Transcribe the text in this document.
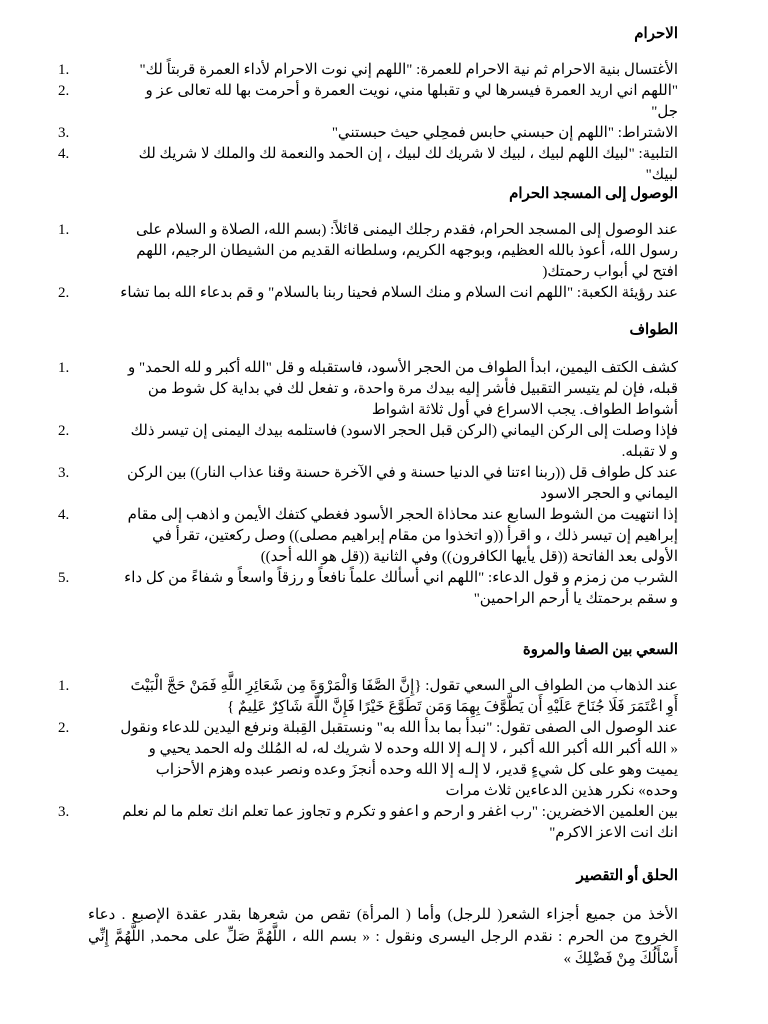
الاحرام
1.	الأغتسال بنية الاحرام ثم نية الاحرام للعمرة: "اللهم إني نوت الاحرام لأداء العمرة قربتاً لك"
2.	"اللهم اني اريد العمرة فيسرها لي و تقبلها مني، نويت العمرة و أحرمت بها لله تعالى عز و جل"
3.	الاشتراط: "اللهم إن حبسني حابس فمحِلي حيث حبستني"
4.	التلبية: "لبيك اللهم لبيك ، لبيك لا شريك لك لبيك ، إن الحمد والنعمة لك والملك لا شريك لك لبيك"
الوصول إلى المسجد الحرام
1.	عند الوصول إلى المسجد الحرام، فقدم رجلك اليمنى قائلاً: (بسم الله، الصلاة و السلام على رسول الله، أعوذ بالله العظيم، وبوجهه الكريم، وسلطانه القديم من الشيطان الرجيم، اللهم افتح لي أبواب رحمتك(
2.	عند رؤيئة الكعبة: "اللهم انت السلام و منك السلام فحينا ربنا بالسلام" و قم بدعاء الله بما تشاء
الطواف
1.	كشف الكتف اليمين، ابدأ الطواف من الحجر الأسود، فاستقبله و قل "الله أكبر و لله الحمد" و قبله، فإن لم يتيسر التقبيل فأشر إليه بيدك مرة واحدة، و تفعل لك في بداية كل شوط من أشواط الطواف. يجب الاسراع في أول ثلاثة اشواط
2.	فإذا وصلت إلى الركن اليماني (الركن قبل الحجر الاسود) فاستلمه بيدك اليمنى إن تيسر ذلك و لا تقبله.
3.	عند كل طواف قل ((ربنا اءتنا في الدنيا حسنة و في الآخرة حسنة وقنا عذاب النار)) بين الركن اليماني و الحجر الاسود
4.	إذا انتهيت من الشوط السابع عند محاذاة الحجر الأسود فغطي كتفك الأيمن و اذهب إلى مقام إبراهيم إن تيسر ذلك ، و اقرأ ((و اتخذوا من مقام إبراهيم مصلى)) وصل ركعتين، تقرأ في الأولى بعد الفاتحة ((قل يأيها الكافرون)) وفي الثانية ((قل هو الله أحد))
5.	الشرب من زمزم و قول الدعاء: "اللهم اني أسألك علماً نافعاً و رزقاً واسعاً و شفاءً من كل داء و سقم برحمتك يا أرحم الراحمين"
السعي بين الصفا والمروة
1.	عند الذهاب من الطواف الى السعي تقول: {إِنَّ الصَّفَا وَالْمَرْوَةَ مِن شَعَائِرِ اللَّهِ فَمَنْ حَجَّ الْبَيْتَ أَوِ اعْتَمَرَ فَلَا جُنَاحَ عَلَيْهِ أَن يَطَّوَّفَ بِهِمَا وَمَن تَطَوَّعَ خَيْرًا فَإِنَّ اللَّهَ شَاكِرٌ عَلِيمٌ }
2.	عند الوصول الى الصفى تقول: "نبدأ بما بدأ الله به" ونستقبل القِبلة ونرفع اليدين للدعاء ونقول « الله أكبر الله أكبر الله أكبر ، لا إلـه إلا الله وحده لا شريك له، له المُلك وله الحمد يحيي و يميت وهو على كل شيءٍ قدير، لا إلـه إلا الله وحده أنجزَ وعده ونصر عبده وهزم الأحزاب وحده» نكرر هذين الدعاءين ثلاث مرات
3.	بين العلمين الاخضرين: "رب اغفر و ارحم و اعفو و تكرم و تجاوز عما تعلم انك تعلم ما لم نعلم انك انت الاعز الاكرم"
الحلق أو التقصير
الأخذ من جميع أجزاء الشعر( للرجل) وأما ( المرأة) تقص من شعرها بقدر عقدة الإصبع . دعاء الخروج من الحرم : نقدم الرجل اليسرى ونقول : « بسم الله ، اللَّهُمَّ صَلِّ على محمد, اللَّهُمَّ إِنِّي أَسْأَلُكَ مِنْ فَضْلِكَ »
